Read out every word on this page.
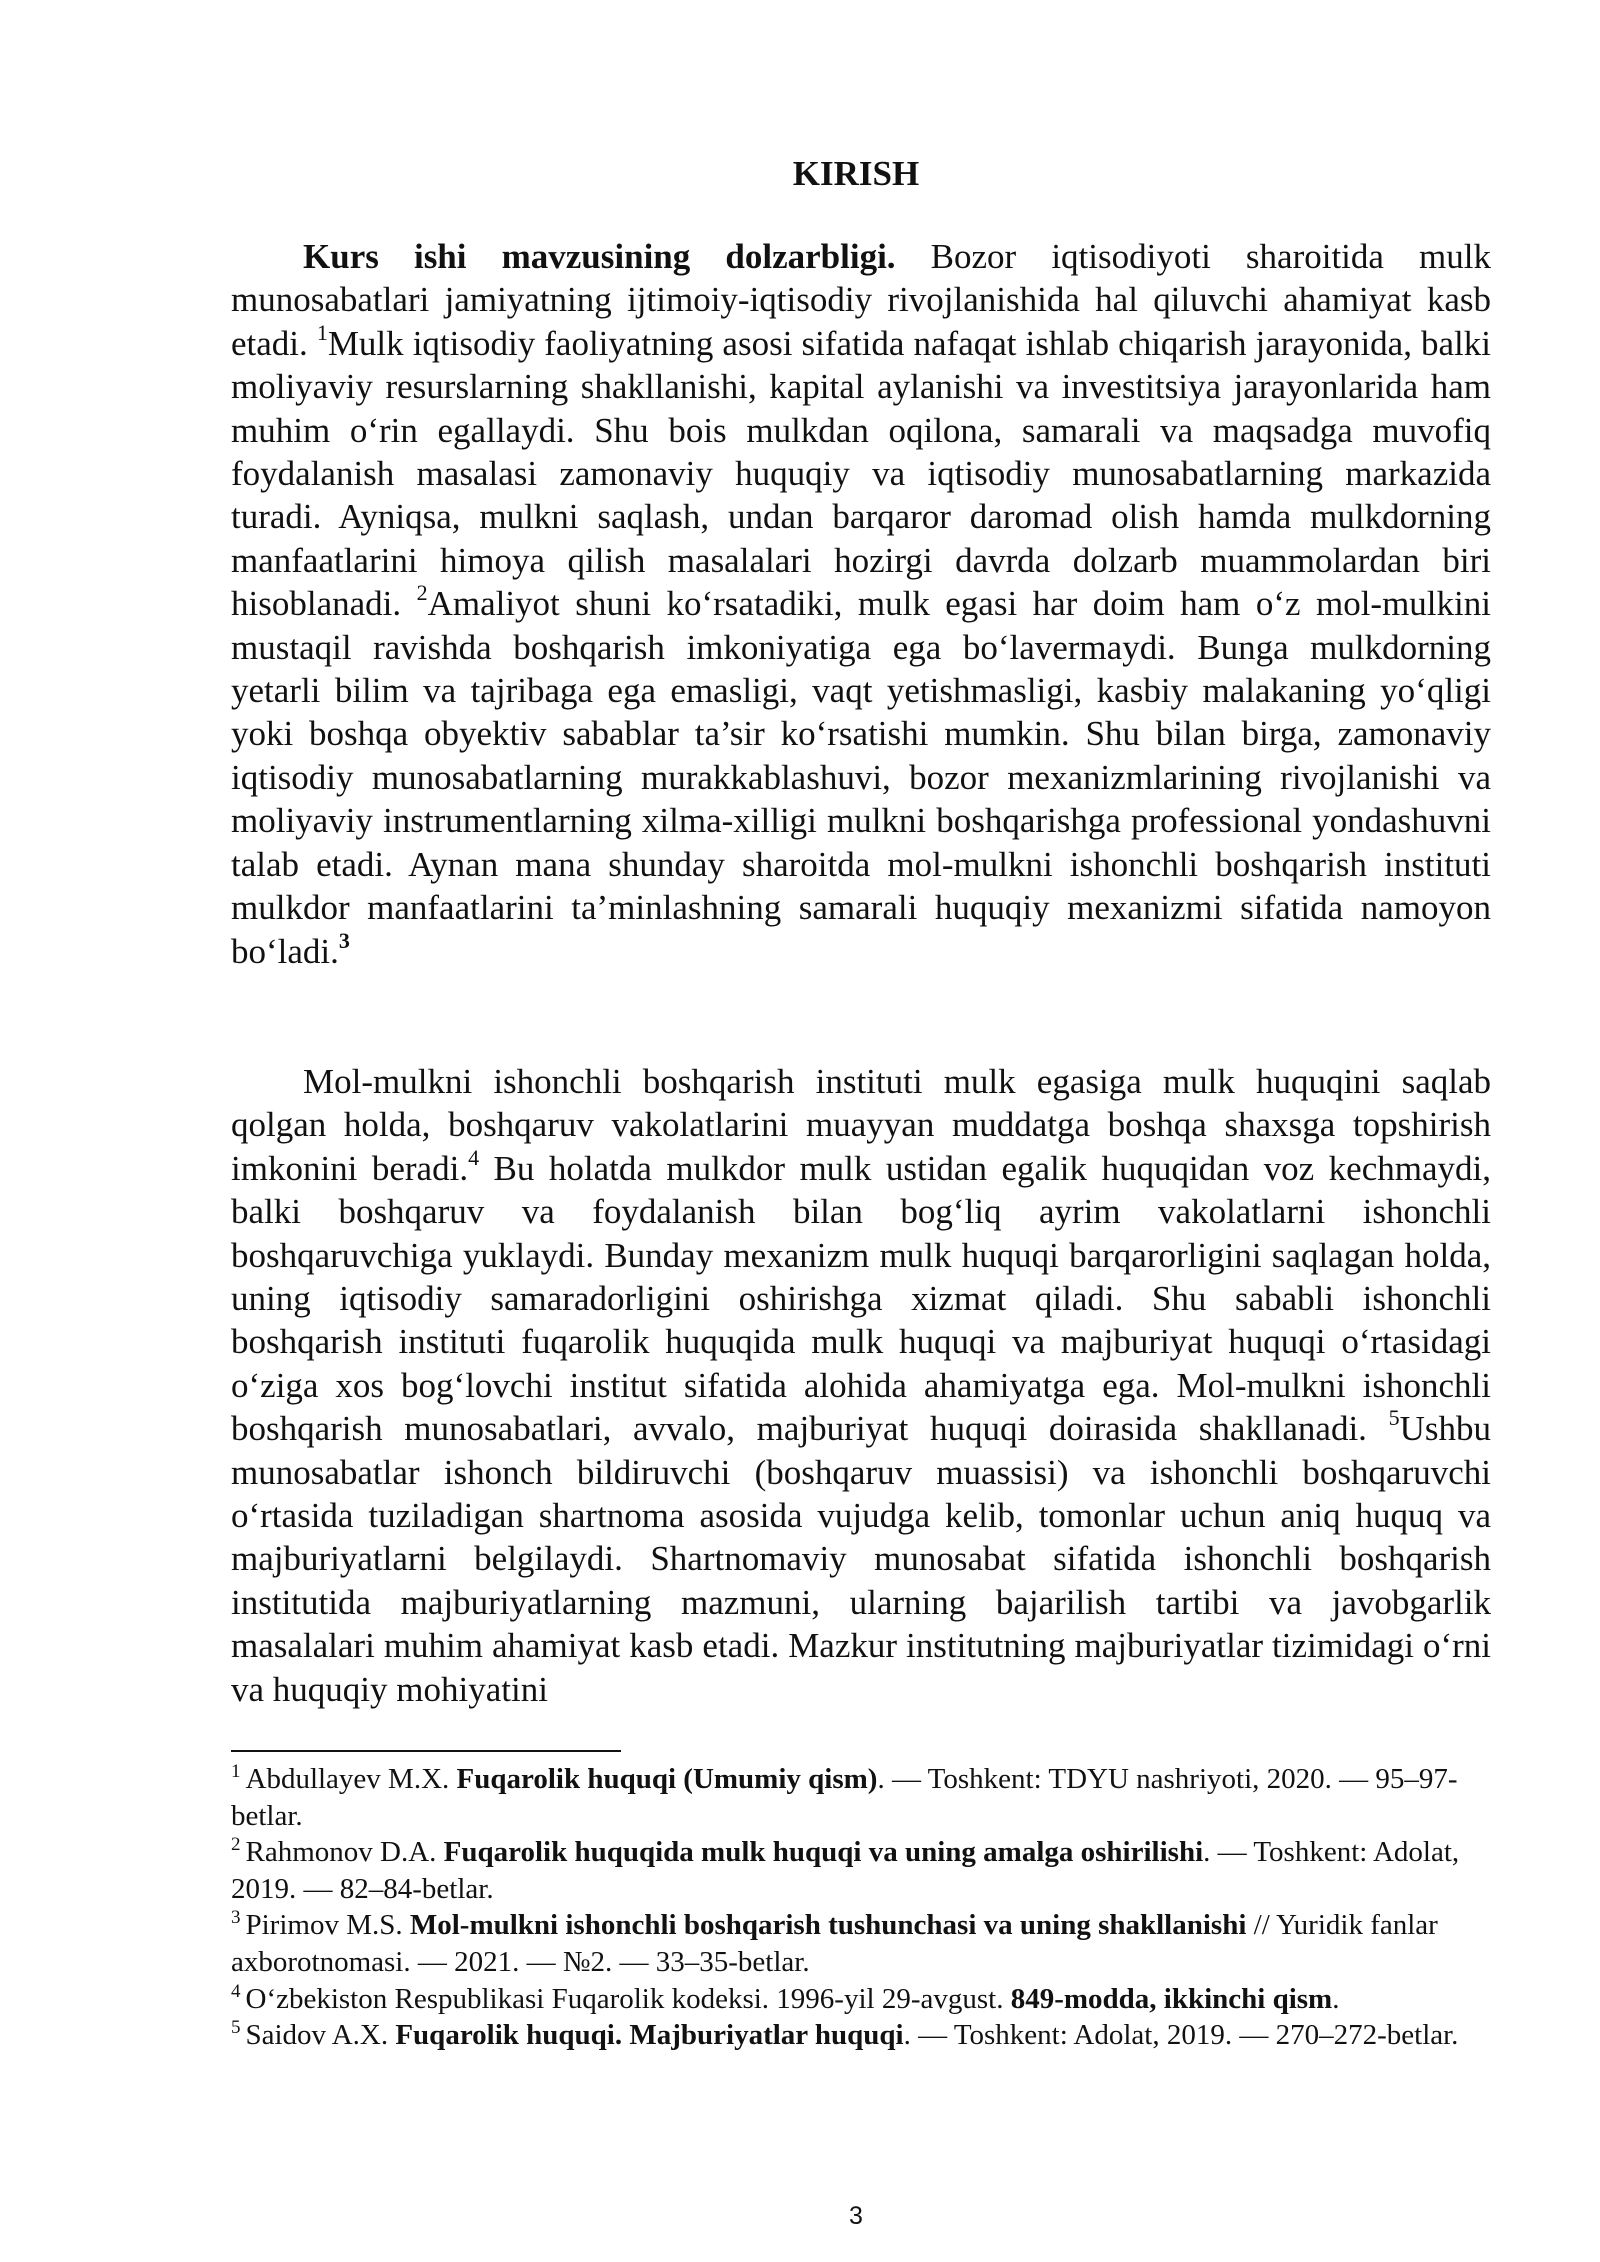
KIRISH

Kurs ishi mavzusining dolzarbligi. Bozor iqtisodiyoti sharoitida mulk munosabatlari jamiyatning ijtimoiy-iqtisodiy rivojlanishida hal qiluvchi ahamiyat kasb etadi. $^1$Mulk iqtisodiy faoliyatning asosi sifatida nafaqat ishlab chiqarish jarayonida, balki moliyaviy resurslarning shakllanishi, kapital aylanishi va investitsiya jarayonlarida ham muhim o‘rin egallaydi. Shu bois mulkdan oqilona, samarali va maqsadga muvofiq foydalanish masalasi zamonaviy huquqiy va iqtisodiy munosabatlarning markazida turadi. Ayniqsa, mulkni saqlash, undan barqaror daromad olish hamda mulkdorning manfaatlarini himoya qilish masalalari hozirgi davrda dolzarb muammolardan biri hisoblanadi. $^2$Amaliyot shuni ko‘rsatadiki, mulk egasi har doim ham o‘z mol-mulkini mustaqil ravishda boshqarish imkoniyatiga ega bo‘lavermaydi. Bunga mulkdorning yetarli bilim va tajribaga ega emasligi, vaqt yetishmasligi, kasbiy malakaning yo‘qligi yoki boshqa obyektiv sabablar ta’sir ko‘rsatishi mumkin. Shu bilan birga, zamonaviy iqtisodiy munosabatlarning murakkablashuvi, bozor mexanizmlarining rivojlanishi va moliyaviy instrumentlarning xilma-xilligi mulkni boshqarishga professional yondashuvni talab etadi. Aynan mana shunday sharoitda mol-mulkni ishonchli boshqarish instituti mulkdor manfaatlarini ta’minlashning samarali huquqiy mexanizmi sifatida namoyon bo‘ladi.$^3$

Mol-mulkni ishonchli boshqarish instituti mulk egasiga mulk huquqini saqlab qolgan holda, boshqaruv vakolatlarini muayyan muddatga boshqa shaxsga topshirish imkonini beradi.$^4$ Bu holatda mulkdor mulk ustidan egalik huquqidan voz kechmaydi, balki boshqaruv va foydalanish bilan bog‘liq ayrim vakolatlarni ishonchli boshqaruvchiga yuklaydi. Bunday mexanizm mulk huquqi barqarorligini saqlagan holda, uning iqtisodiy samaradorligini oshirishga xizmat qiladi. Shu sababli ishonchli boshqarish instituti fuqarolik huquqida mulk huquqi va majburiyat huquqi o‘rtasidagi o‘ziga xos bog‘lovchi institut sifatida alohida ahamiyatga ega. Mol-mulkni ishonchli boshqarish munosabatlari, avvalo, majburiyat huquqi doirasida shakllanadi. $^5$Ushbu munosabatlar ishonch bildiruvchi (boshqaruv muassisi) va ishonchli boshqaruvchi o‘rtasida tuziladigan shartnoma asosida vujudga kelib, tomonlar uchun aniq huquq va majburiyatlarni belgilaydi. Shartnomaviy munosabat sifatida ishonchli boshqarish institutida majburiyatlarning mazmuni, ularning bajarilish tartibi va javobgarlik masalalari muhim ahamiyat kasb etadi. Mazkur institutning majburiyatlar tizimidagi o‘rni va huquqiy mohiyatini

$^1$ Abdullayev M.X. Fuqarolik huquqi (Umumiy qism). — Toshkent: TDYU nashriyoti, 2020. — 95–97-betlar.

$^2$ Rahmonov D.A. Fuqarolik huquqida mulk huquqi va uning amalga oshirilishi. — Toshkent: Adolat, 2019. — 82–84-betlar.

$^3$ Pirimov M.S. Mol-mulkni ishonchli boshqarish tushunchasi va uning shakllanishi // Yuridik fanlar axborotnomasi. — 2021. — №2. — 33–35-betlar.

$^4$ O‘zbekiston Respublikasi Fuqarolik kodeksi. 1996-yil 29-avgust. 849-modda, ikkinchi qism.

$^5$ Saidov A.X. Fuqarolik huquqi. Majburiyatlar huquqi. — Toshkent: Adolat, 2019. — 270–272-betlar.

3
